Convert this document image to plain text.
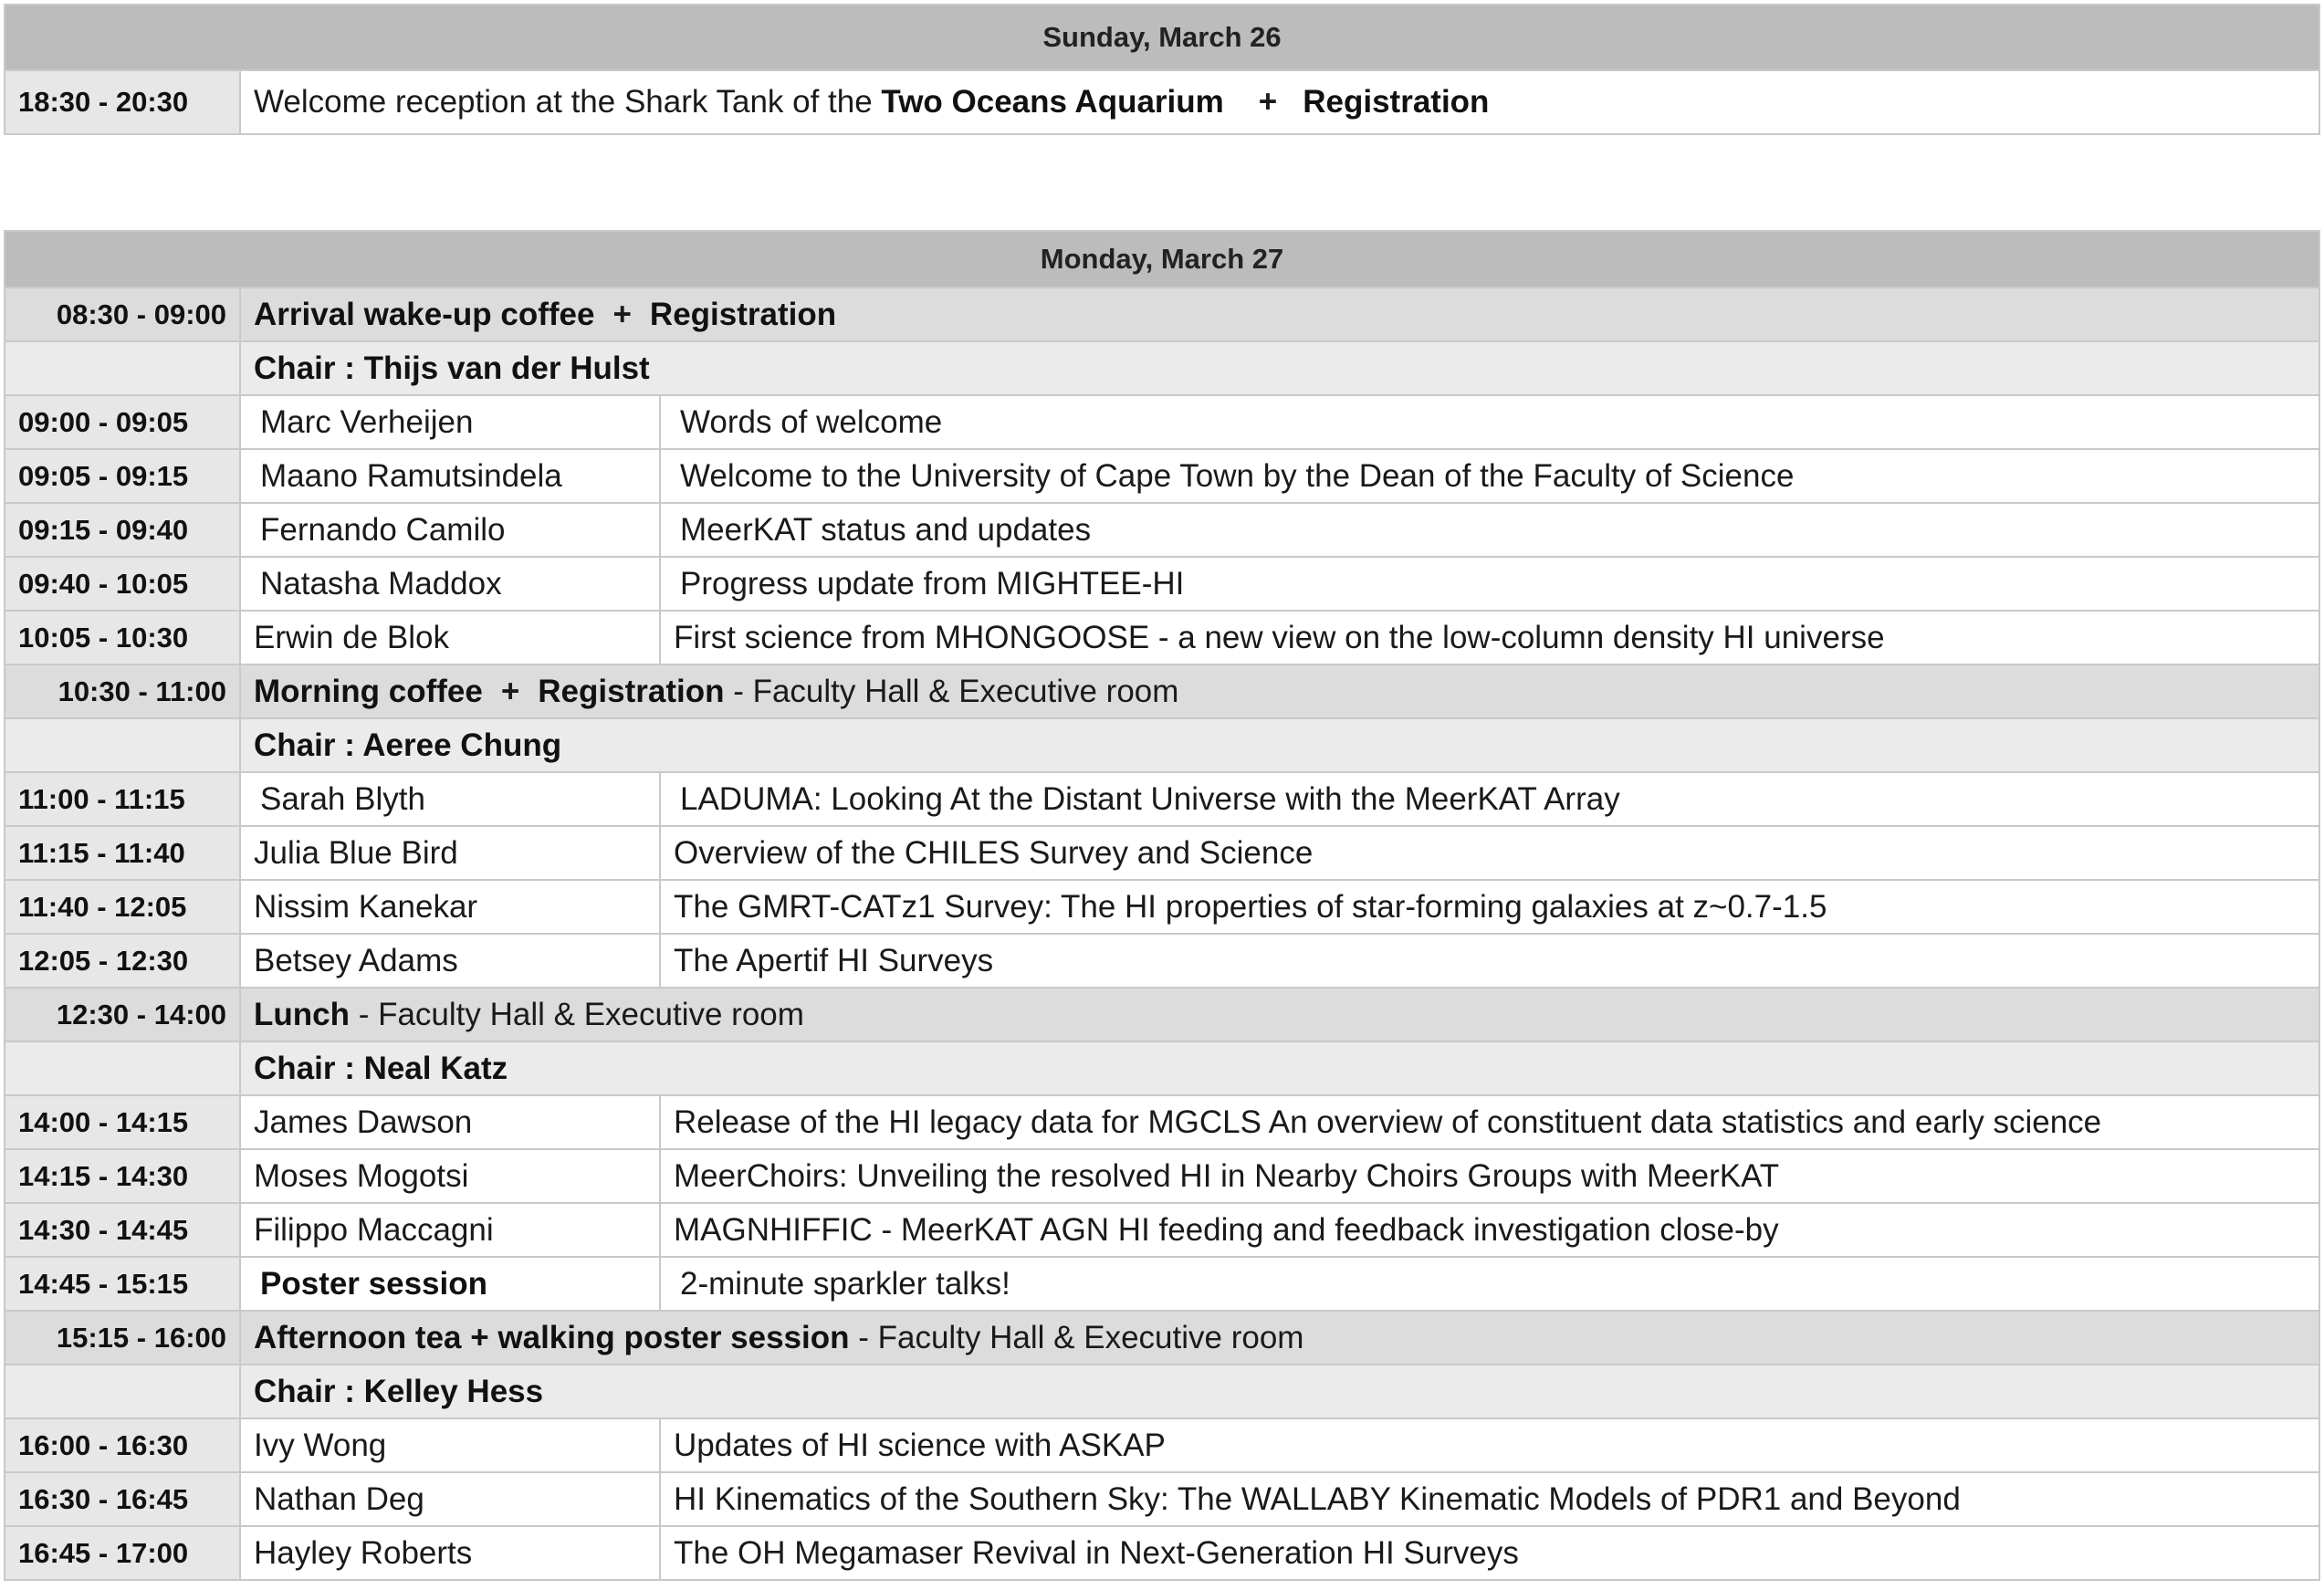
Sunday, March 26
18:30 - 20:30	Welcome reception at the Shark Tank of the Two Oceans Aquarium + Registration
Monday, March 27		
08:30 - 09:00	Arrival wake-up coffee + Registration	
	Chair : Thijs van der Hulst	
09:00 - 09:05	Marc Verheijen	Words of welcome
09:05 - 09:15	Maano Ramutsindela	Welcome to the University of Cape Town by the Dean of the Faculty of Science
09:15 - 09:40	Fernando Camilo	MeerKAT status and updates
09:40 - 10:05	Natasha Maddox	Progress update from MIGHTEE-HI
10:05 - 10:30	Erwin de Blok	First science from MHONGOOSE - a new view on the low-column density HI universe
10:30 - 11:00	Morning coffee + Registration - Faculty Hall & Executive room	
	Chair : Aeree Chung	
11:00 - 11:15	Sarah Blyth	LADUMA: Looking At the Distant Universe with the MeerKAT Array
11:15 - 11:40	Julia Blue Bird	Overview of the CHILES Survey and Science
11:40 - 12:05	Nissim Kanekar	The GMRT-CATz1 Survey: The HI properties of star-forming galaxies at z~0.7-1.5
12:05 - 12:30	Betsey Adams	The Apertif HI Surveys
12:30 - 14:00	Lunch - Faculty Hall & Executive room	
	Chair : Neal Katz	
14:00 - 14:15	James Dawson	Release of the HI legacy data for MGCLS An overview of constituent data statistics and early science
14:15 - 14:30	Moses Mogotsi	MeerChoirs: Unveiling the resolved HI in Nearby Choirs Groups with MeerKAT
14:30 - 14:45	Filippo Maccagni	MAGNHIFFIC - MeerKAT AGN HI feeding and feedback investigation close-by
14:45 - 15:15	Poster session	2-minute sparkler talks!
15:15 - 16:00	Afternoon tea + walking poster session - Faculty Hall & Executive room	
	Chair : Kelley Hess	
16:00 - 16:30	Ivy Wong	Updates of HI science with ASKAP
16:30 - 16:45	Nathan Deg	HI Kinematics of the Southern Sky: The WALLABY Kinematic Models of PDR1 and Beyond
16:45 - 17:00	Hayley Roberts	The OH Megamaser Revival in Next-Generation HI Surveys
